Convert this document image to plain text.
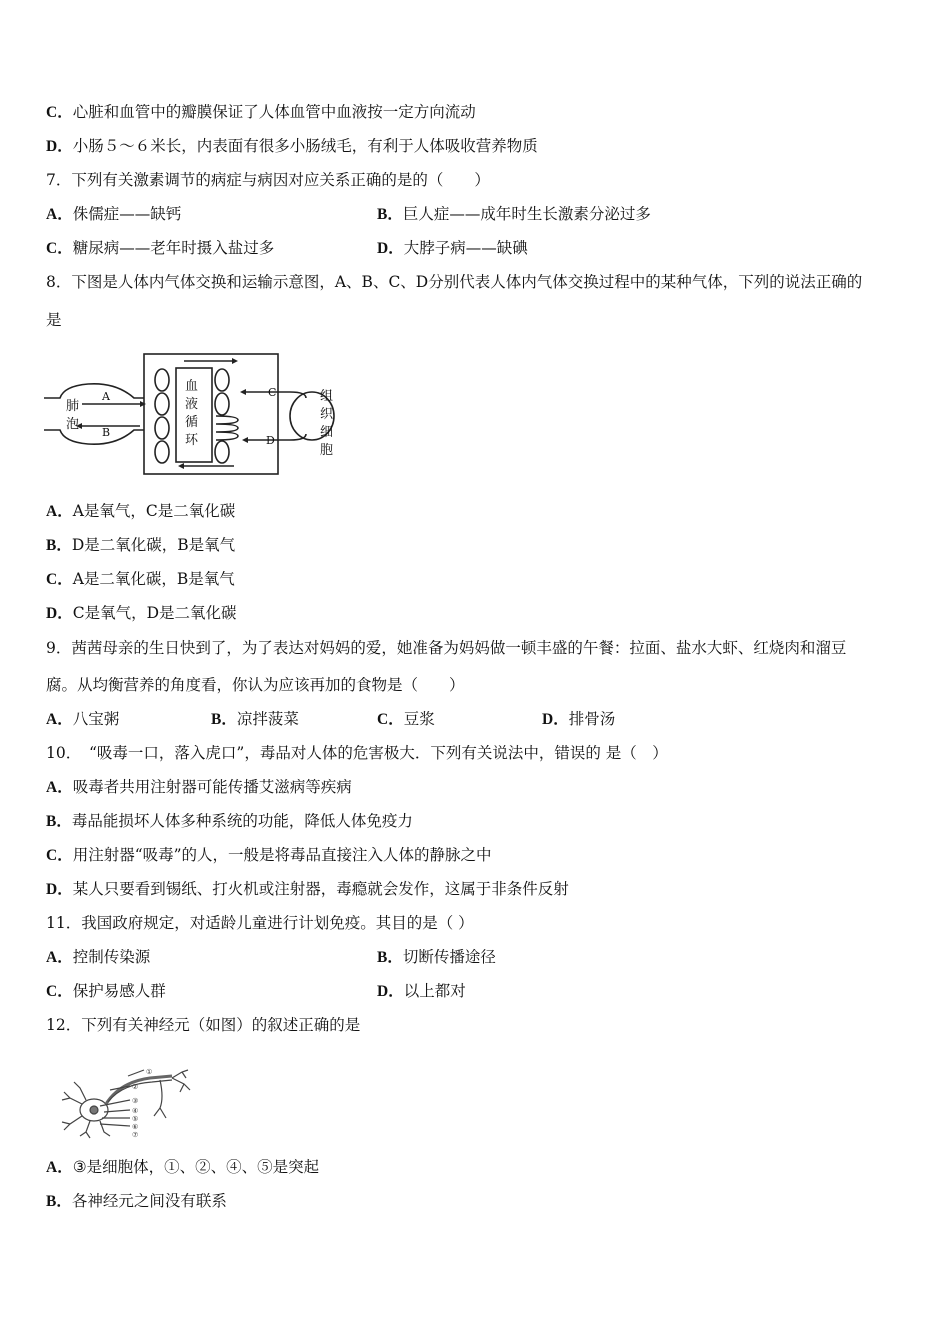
C．心脏和血管中的瓣膜保证了人体血管中血液按一定方向流动
D．小肠５～６米长，内表面有很多小肠绒毛，有利于人体吸收营养物质
7．下列有关激素调节的病症与病因对应关系正确的是的（　　）
A．侏儒症——缺钙	B．巨人症——成年时生长激素分泌过多
C．糖尿病——老年时摄入盐过多	D．大脖子病——缺碘
8．下图是人体内气体交换和运输示意图，A、B、C、D分别代表人体内气体交换过程中的某种气体，下列的说法正确的
是
肺
泡
血
液
循
环
组
织
细
胞
A
B
C
D
A．A是氧气，C是二氧化碳
B．D是二氧化碳，B是氧气
C．A是二氧化碳，B是氧气
D．C是氧气，D是二氧化碳
9．茜茜母亲的生日快到了，为了表达对妈妈的爱，她准备为妈妈做一顿丰盛的午餐：拉面、盐水大虾、红烧肉和溜豆
腐。从均衡营养的角度看，你认为应该再加的食物是（　　）
A．八宝粥	B．凉拌菠菜	C．豆浆	D．排骨汤
10．　“吸毒一口，落入虎口”，毒品对人体的危害极大．下列有关说法中，错误的 是（　）
A．吸毒者共用注射器可能传播艾滋病等疾病
B．毒品能损坏人体多种系统的功能，降低人体免疫力
C．用注射器“吸毒”的人，一般是将毒品直接注入人体的静脉之中
D．某人只要看到锡纸、打火机或注射器，毒瘾就会发作，这属于非条件反射
11．我国政府规定，对适龄儿童进行计划免疫。其目的是（ ）
A．控制传染源	B．切断传播途径
C．保护易感人群	D．以上都对
12．下列有关神经元（如图）的叙述正确的是
①
②
③
④
⑤
⑥
⑦
A．③是细胞体，①、②、④、⑤是突起
B．各神经元之间没有联系
